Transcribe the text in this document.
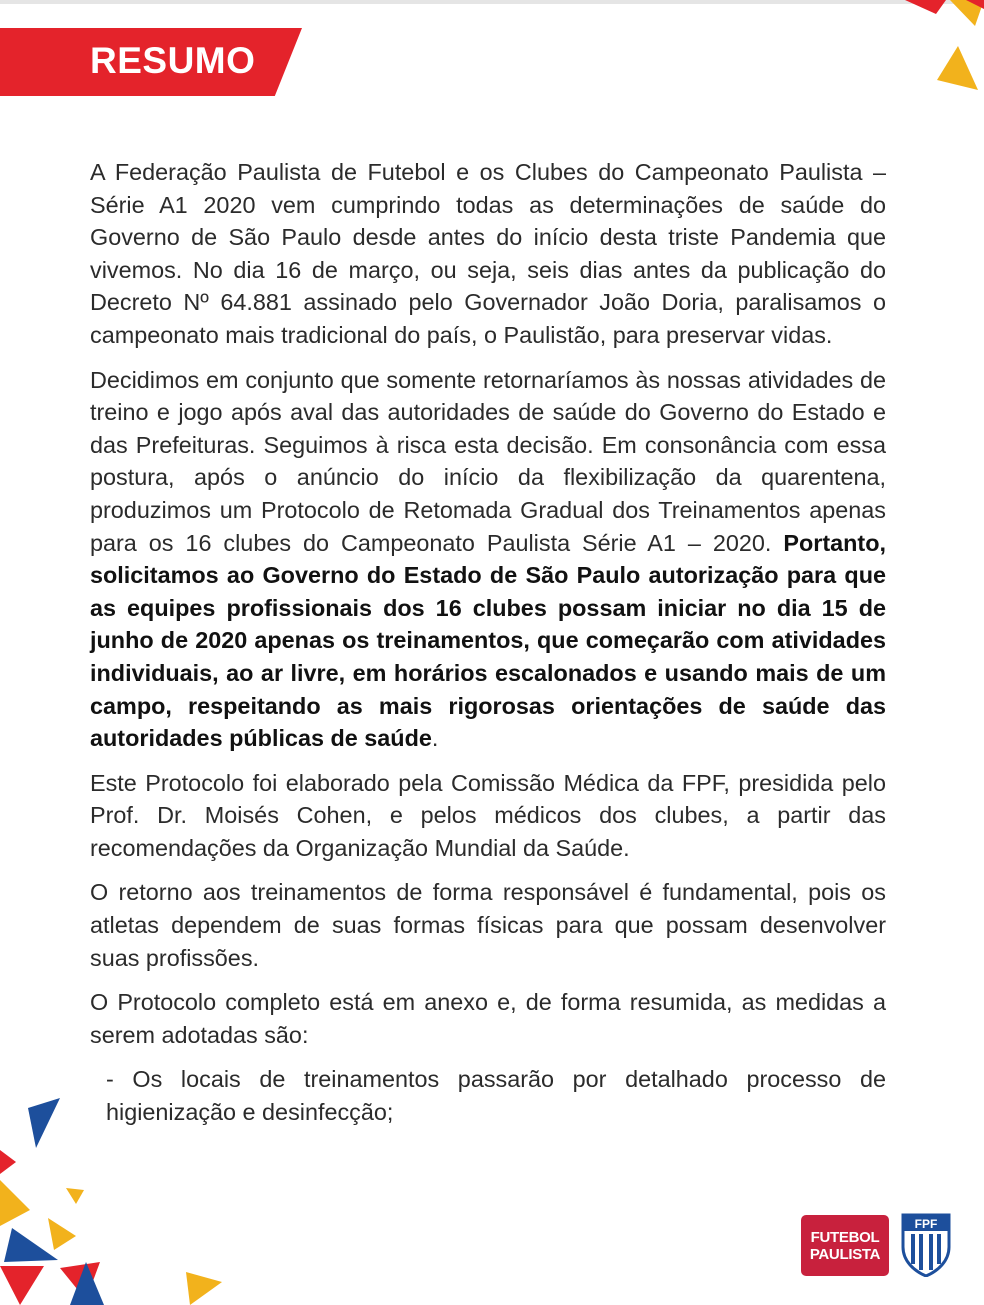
RESUMO

A Federação Paulista de Futebol e os Clubes do Campeonato Paulista – Série A1 2020 vem cumprindo todas as determinações de saúde do Governo de São Paulo desde antes do início desta triste Pandemia que vivemos. No dia 16 de março, ou seja, seis dias antes da publicação do Decreto Nº 64.881 assinado pelo Governador João Doria, paralisamos o campeonato mais tradicional do país, o Paulistão, para preservar vidas.

Decidimos em conjunto que somente retornaríamos às nossas atividades de treino e jogo após aval das autoridades de saúde do Governo do Estado e das Prefeituras. Seguimos à risca esta decisão. Em consonância com essa postura, após o anúncio do início da flexibilização da quarentena, produzimos um Protocolo de Retomada Gradual dos Treinamentos apenas para os 16 clubes do Campeonato Paulista Série A1 – 2020. Portanto, solicitamos ao Governo do Estado de São Paulo autorização para que as equipes profissionais dos 16 clubes possam iniciar no dia 15 de junho de 2020 apenas os treinamentos, que começarão com atividades individuais, ao ar livre, em horários escalonados e usando mais de um campo, respeitando as mais rigorosas orientações de saúde das autoridades públicas de saúde.

Este Protocolo foi elaborado pela Comissão Médica da FPF, presidida pelo Prof. Dr. Moisés Cohen, e pelos médicos dos clubes, a partir das recomendações da Organização Mundial da Saúde.

O retorno aos treinamentos de forma responsável é fundamental, pois os atletas dependem de suas formas físicas para que possam desenvolver suas profissões.

O Protocolo completo está em anexo e, de forma resumida, as medidas a serem adotadas são:

- Os locais de treinamentos passarão por detalhado processo de higienização e desinfecção;

FUTEBOL
PAULISTA
FPF
